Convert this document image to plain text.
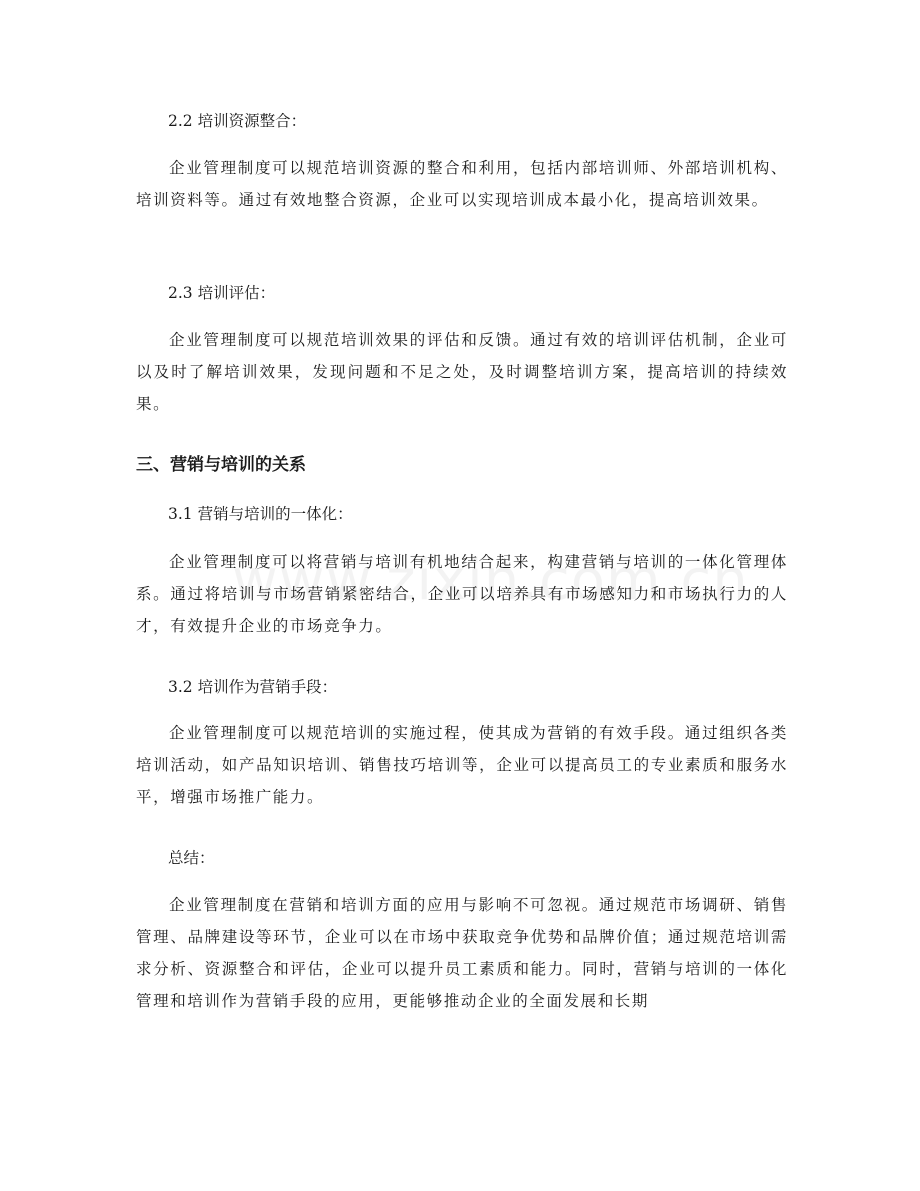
2.2 培训资源整合：

企业管理制度可以规范培训资源的整合和利用，包括内部培训师、外部培训机构、培训资料等。通过有效地整合资源，企业可以实现培训成本最小化，提高培训效果。

2.3 培训评估：

企业管理制度可以规范培训效果的评估和反馈。通过有效的培训评估机制，企业可以及时了解培训效果，发现问题和不足之处，及时调整培训方案，提高培训的持续效果。

三、营销与培训的关系
3.1 营销与培训的一体化：

企业管理制度可以将营销与培训有机地结合起来，构建营销与培训的一体化管理体系。通过将培训与市场营销紧密结合，企业可以培养具有市场感知力和市场执行力的人才，有效提升企业的市场竞争力。

3.2 培训作为营销手段：

企业管理制度可以规范培训的实施过程，使其成为营销的有效手段。通过组织各类培训活动，如产品知识培训、销售技巧培训等，企业可以提高员工的专业素质和服务水平，增强市场推广能力。

总结：

企业管理制度在营销和培训方面的应用与影响不可忽视。通过规范市场调研、销售管理、品牌建设等环节，企业可以在市场中获取竞争优势和品牌价值；通过规范培训需求分析、资源整合和评估，企业可以提升员工素质和能力。同时，营销与培训的一体化管理和培训作为营销手段的应用，更能够推动企业的全面发展和长期
